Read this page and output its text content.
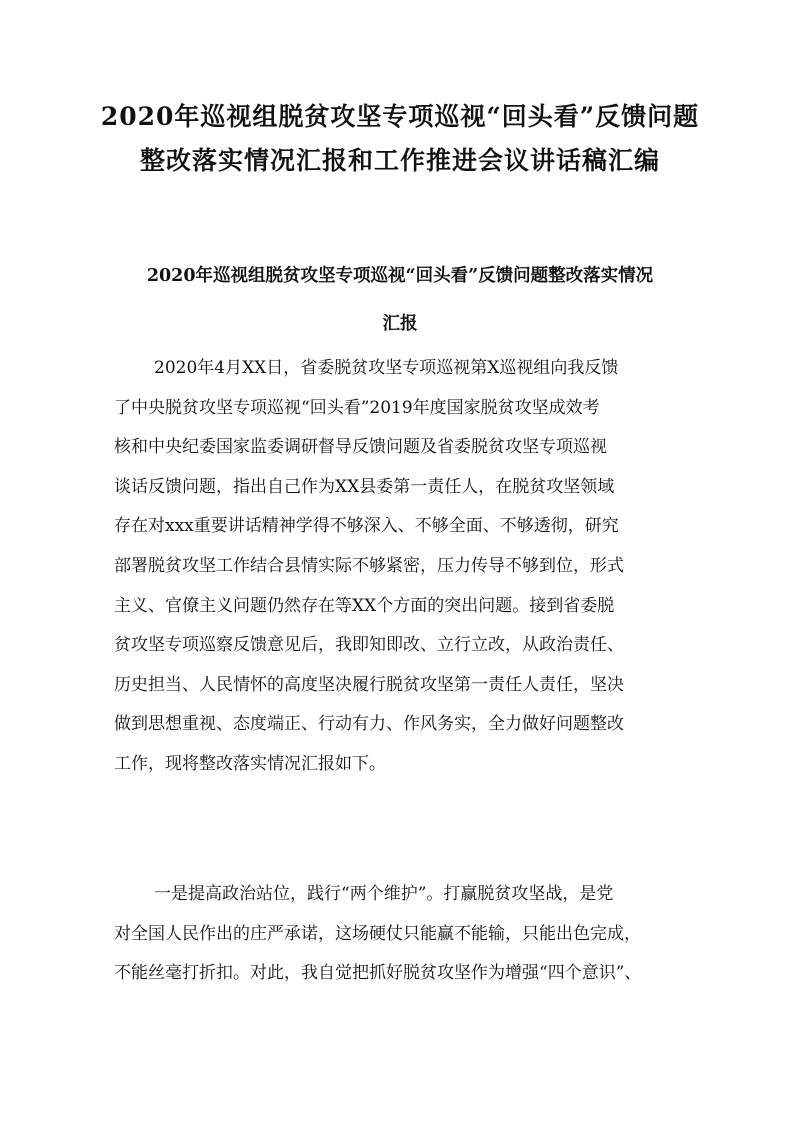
2020年巡视组脱贫攻坚专项巡视“回头看”反馈问题
整改落实情况汇报和工作推进会议讲话稿汇编
2020年巡视组脱贫攻坚专项巡视“回头看”反馈问题整改落实情况
汇报
2020年4月XX日，省委脱贫攻坚专项巡视第X巡视组向我反馈
了中央脱贫攻坚专项巡视“回头看”2019年度国家脱贫攻坚成效考
核和中央纪委国家监委调研督导反馈问题及省委脱贫攻坚专项巡视
谈话反馈问题，指出自己作为XX县委第一责任人，在脱贫攻坚领域
存在对xxx重要讲话精神学得不够深入、不够全面、不够透彻，研究
部署脱贫攻坚工作结合县情实际不够紧密，压力传导不够到位，形式
主义、官僚主义问题仍然存在等XX个方面的突出问题。接到省委脱
贫攻坚专项巡察反馈意见后，我即知即改、立行立改，从政治责任、
历史担当、人民情怀的高度坚决履行脱贫攻坚第一责任人责任，坚决
做到思想重视、态度端正、行动有力、作风务实，全力做好问题整改
工作，现将整改落实情况汇报如下。
一是提高政治站位，践行“两个维护”。打赢脱贫攻坚战，是党
对全国人民作出的庄严承诺，这场硬仗只能赢不能输，只能出色完成，
不能丝毫打折扣。对此，我自觉把抓好脱贫攻坚作为增强“四个意识”、
